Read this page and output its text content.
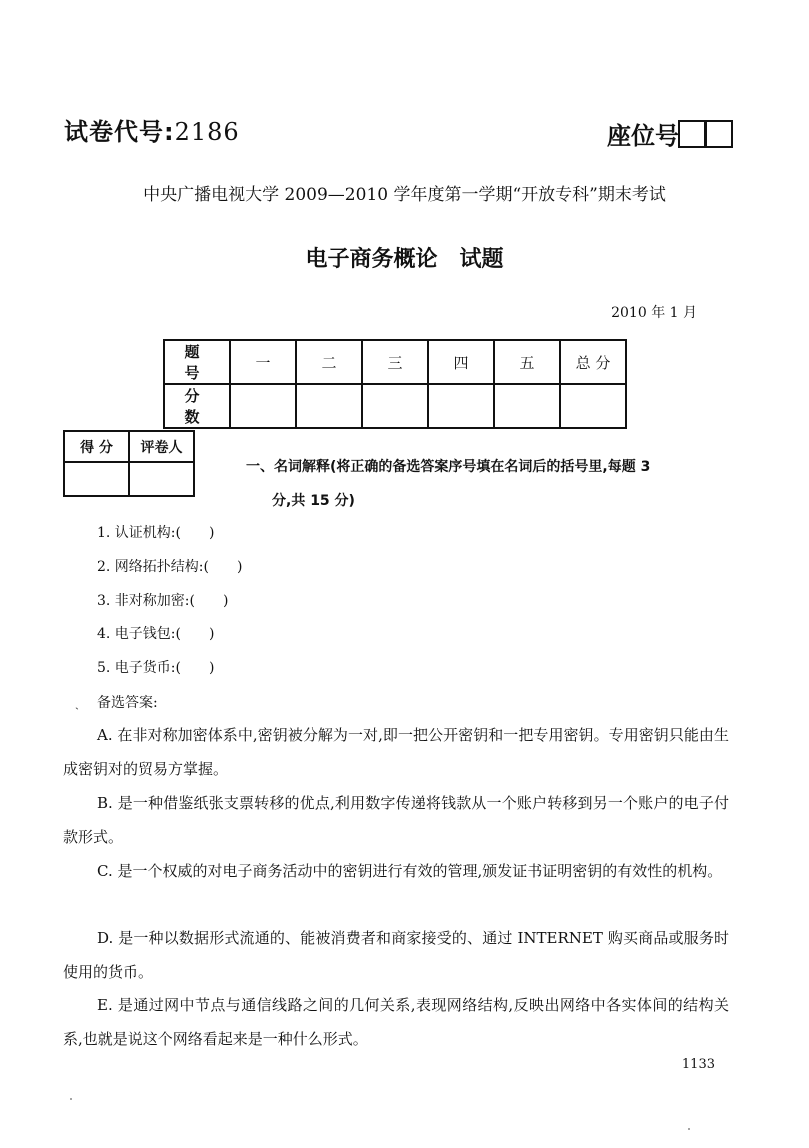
试卷代号:2186	座位号
中央广播电视大学 2009—2010 学年度第一学期“开放专科”期末考试
电子商务概论　试题
2010 年 1 月
题 号	一	二	三	四	五	总 分
分 数						
得 分	评卷人

一、名词解释(将正确的备选答案序号填在名词后的括号里,每题 3
分,共 15 分)
1. 认证机构:(　　)
2. 网络拓扑结构:(　　)
3. 非对称加密:(　　)
4. 电子钱包:(　　)
5. 电子货币:(　　)
ˏ 备选答案:
A. 在非对称加密体系中,密钥被分解为一对,即一把公开密钥和一把专用密钥。专用密钥只能由生成密钥对的贸易方掌握。
B. 是一种借鉴纸张支票转移的优点,利用数字传递将钱款从一个账户转移到另一个账户的电子付款形式。
C. 是一个权威的对电子商务活动中的密钥进行有效的管理,颁发证书证明密钥的有效性的机构。
D. 是一种以数据形式流通的、能被消费者和商家接受的、通过 INTERNET 购买商品或服务时使用的货币。
E. 是通过网中节点与通信线路之间的几何关系,表现网络结构,反映出网络中各实体间的结构关系,也就是说这个网络看起来是一种什么形式。
1133
